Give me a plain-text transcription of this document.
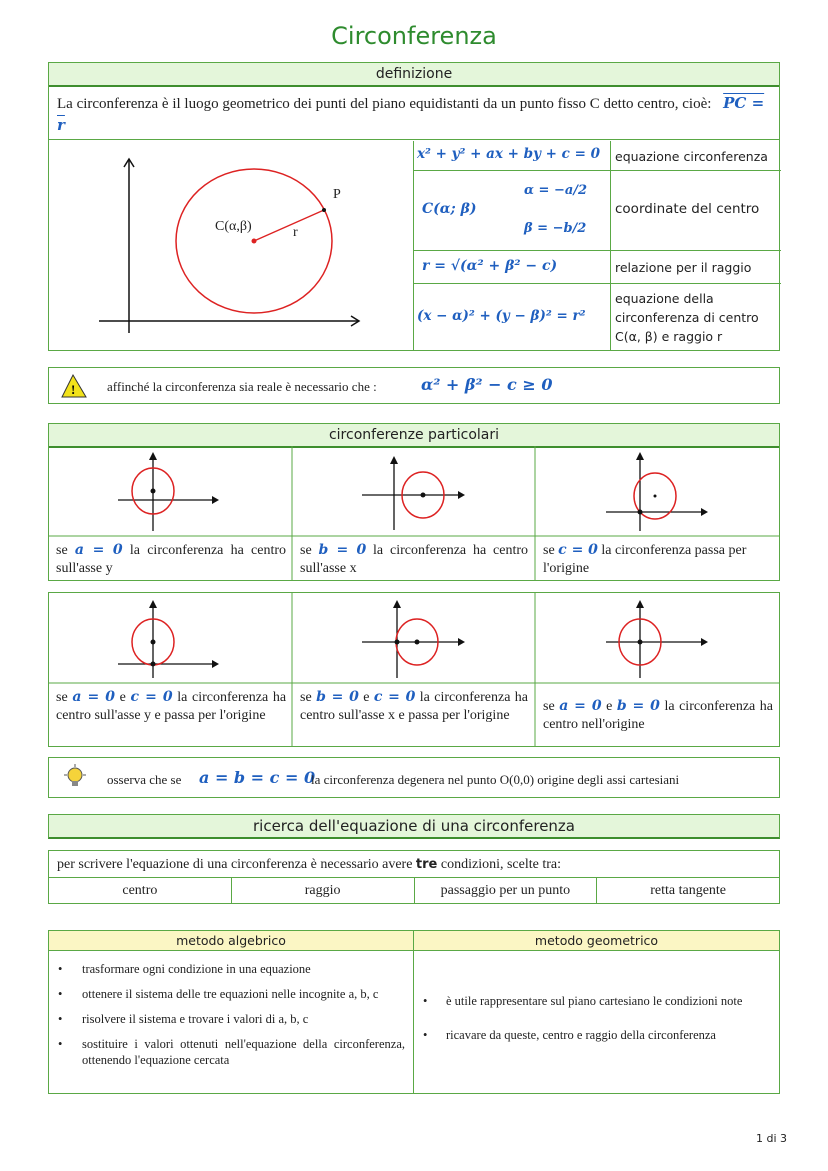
Circonferenza
definizione
La circonferenza è il luogo geometrico dei punti del piano equidistanti da un punto fisso C detto centro, cioè: PC = r
C(α,β)
P
r
x² + y² + ax + by + c = 0	equazione circonferenza
C(α; β)
α = −a/2
β = −b/2
coordinate del centro
r = √(α² + β² − c)	relazione per il raggio
(x − α)² + (y − β)² = r²
equazione della circonferenza di centro C(α, β) e raggio r
! affinché la circonferenza sia reale è necessario che :	α² + β² − c ≥ 0
circonferenze particolari
se a = 0 la circonferenza ha centro sull'asse y
se b = 0 la circonferenza ha centro sull'asse x
se c = 0 la circonferenza passa per l'origine
se a = 0 e c = 0 la circonferenza ha centro sull'asse y e passa per l'origine
se b = 0 e c = 0 la circonferenza ha centro sull'asse x e passa per l'origine
se a = 0 e b = 0 la circonferenza ha centro nell'origine
osserva che se a = b = c = 0
la circonferenza degenera nel punto O(0,0) origine degli assi cartesiani
ricerca dell'equazione di una circonferenza
per scrivere l'equazione di una circonferenza è necessario avere tre condizioni, scelte tra:
centro	raggio	passaggio per un punto	retta tangente
metodo algebrico	metodo geometrico
• trasformare ogni condizione in una equazione
• ottenere il sistema delle tre equazioni nelle incognite a, b, c
• risolvere il sistema e trovare i valori di a, b, c
• sostituire i valori ottenuti nell'equazione della circonferenza, ottenendo l'equazione cercata
• è utile rappresentare sul piano cartesiano le condizioni note
• ricavare da queste, centro e raggio della circonferenza
1 di 3
